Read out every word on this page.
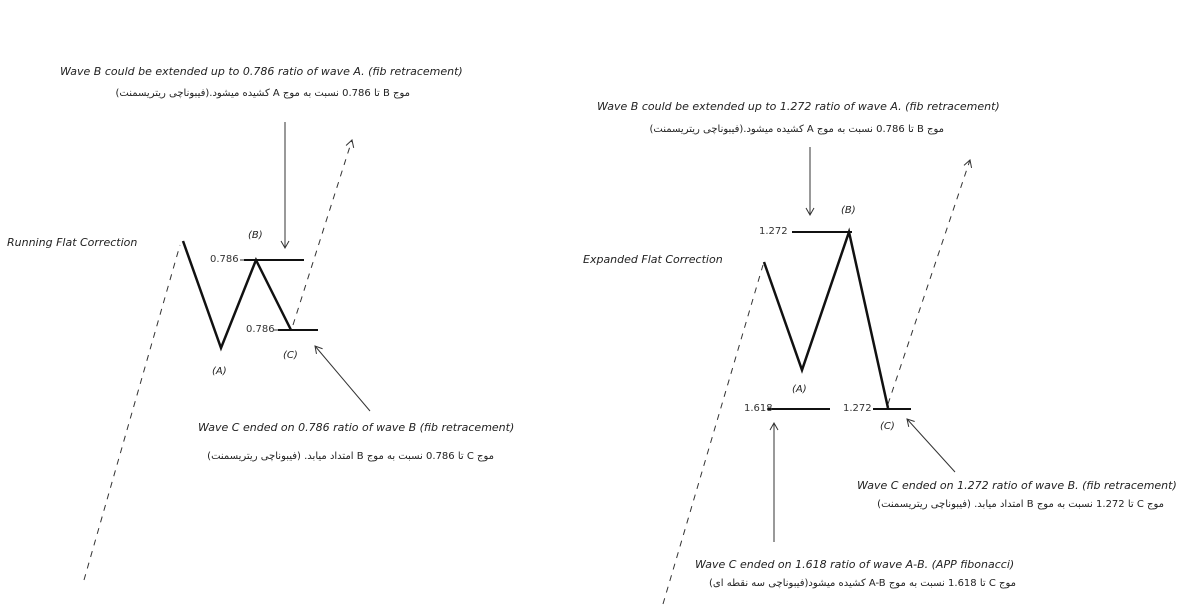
Wave B could be extended up to 0.786 ratio of wave A. (fib retracement)
موج B تا 0.786 نسبت به موج A کشیده میشود.(فیبوناچی ریتریسمنت)
Running Flat Correction
(B)
0.786
0.786
(C)
(A)
Wave C ended on 0.786 ratio of wave B (fib retracement)
موج C تا 0.786 نسبت به موج B امتداد میابد. (فیبوناچی ریتریسمنت)
Wave B could be extended up to 1.272 ratio of wave A. (fib retracement)
موج B تا 0.786 نسبت به موج A کشیده میشود.(فیبوناچی ریتریسمنت)
(B)
1.272
Expanded Flat Correction
(A)
1.618	1.272
(C)
Wave C ended on 1.272 ratio of wave B. (fib retracement)
موج C تا 1.272 نسبت به موج B امتداد میابد. (فیبوناچی ریتریسمنت)
Wave C ended on 1.618 ratio of wave A-B. (APP fibonacci)
موج C تا 1.618 نسبت به موج A-B کشیده میشود(فیبوناچی سه نقطه ای)
